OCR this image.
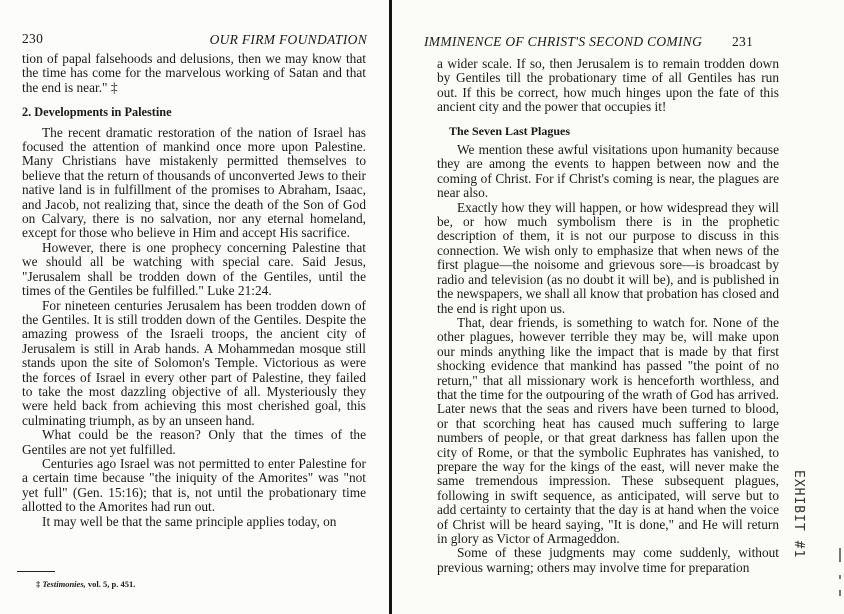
230	OUR FIRM FOUNDATION

tion of papal falsehoods and delusions, then we may know that the time has come for the marvelous working of Satan and that the end is near." ‡

2. Developments in Palestine

The recent dramatic restoration of the nation of Israel has focused the attention of mankind once more upon Palestine. Many Christians have mistakenly permitted themselves to believe that the return of thousands of unconverted Jews to their native land is in fulfillment of the promises to Abraham, Isaac, and Jacob, not realizing that, since the death of the Son of God on Calvary, there is no salvation, nor any eternal homeland, except for those who believe in Him and accept His sacrifice.

However, there is one prophecy concerning Palestine that we should all be watching with special care. Said Jesus, "Jerusalem shall be trodden down of the Gentiles, until the times of the Gentiles be fulfilled." Luke 21:24.

For nineteen centuries Jerusalem has been trodden down of the Gentiles. It is still trodden down of the Gentiles. Despite the amazing prowess of the Israeli troops, the ancient city of Jerusalem is still in Arab hands. A Mohammedan mosque still stands upon the site of Solomon's Temple. Victorious as were the forces of Israel in every other part of Palestine, they failed to take the most dazzling objective of all. Mysteriously they were held back from achieving this most cherished goal, this culminating triumph, as by an unseen hand.

What could be the reason? Only that the times of the Gentiles are not yet fulfilled.

Centuries ago Israel was not permitted to enter Palestine for a certain time because "the iniquity of the Amorites" was "not yet full" (Gen. 15:16); that is, not until the probationary time allotted to the Amorites had run out.

It may well be that the same principle applies today, on

‡ Testimonies, vol. 5, p. 451.
IMMINENCE OF CHRIST'S SECOND COMING 231

a wider scale. If so, then Jerusalem is to remain trodden down by Gentiles till the probationary time of all Gentiles has run out. If this be correct, how much hinges upon the fate of this ancient city and the power that occupies it!

The Seven Last Plagues

We mention these awful visitations upon humanity because they are among the events to happen between now and the coming of Christ. For if Christ's coming is near, the plagues are near also.

Exactly how they will happen, or how widespread they will be, or how much symbolism there is in the prophetic description of them, it is not our purpose to discuss in this connection. We wish only to emphasize that when news of the first plague—the noisome and grievous sore—is broadcast by radio and television (as no doubt it will be), and is published in the newspapers, we shall all know that probation has closed and the end is right upon us.

That, dear friends, is something to watch for. None of the other plagues, however terrible they may be, will make upon our minds anything like the impact that is made by that first shocking evidence that mankind has passed "the point of no return," that all missionary work is henceforth worthless, and that the time for the outpouring of the wrath of God has arrived. Later news that the seas and rivers have been turned to blood, or that scorching heat has caused much suffering to large numbers of people, or that great darkness has fallen upon the city of Rome, or that the symbolic Euphrates has vanished, to prepare the way for the kings of the east, will never make the same tremendous impression. These subsequent plagues, following in swift sequence, as anticipated, will serve but to add certainty to certainty that the day is at hand when the voice of Christ will be heard saying, "It is done," and He will return in glory as Victor of Armageddon.

Some of these judgments may come suddenly, without previous warning; others may involve time for preparation

EXHIBIT #1
